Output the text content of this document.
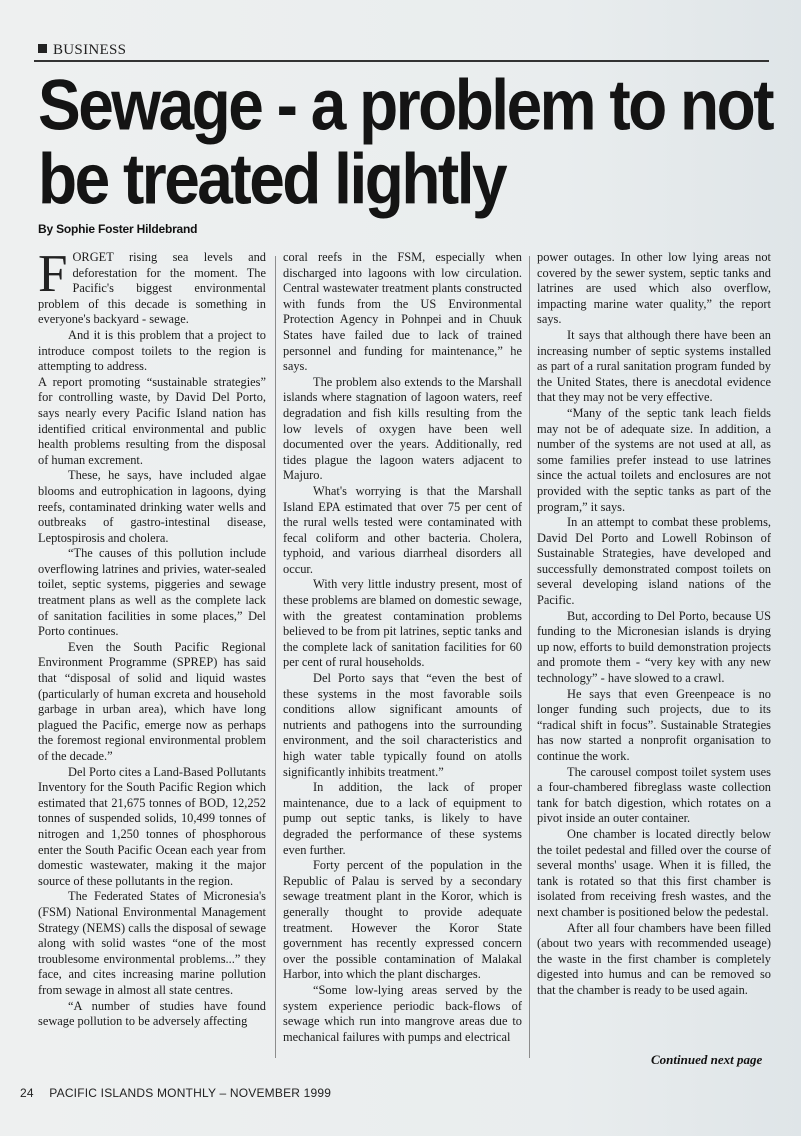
BUSINESS
Sewage - a problem to not be treated lightly
By Sophie Foster Hildebrand

FORGET rising sea levels and deforestation for the moment. The Pacific's biggest environmental problem of this decade is something in everyone's backyard - sewage.

And it is this problem that a project to introduce compost toilets to the region is attempting to address.

A report promoting “sustainable strategies” for controlling waste, by David Del Porto, says nearly every Pacific Island nation has identified critical environmental and public health problems resulting from the disposal of human excrement.

These, he says, have included algae blooms and eutrophication in lagoons, dying reefs, contaminated drinking water wells and outbreaks of gastro-intestinal disease, Leptospirosis and cholera.

“The causes of this pollution include overflowing latrines and privies, water-sealed toilet, septic systems, piggeries and sewage treatment plans as well as the complete lack of sanitation facilities in some places,” Del Porto continues.

Even the South Pacific Regional Environment Programme (SPREP) has said that “disposal of solid and liquid wastes (particularly of human excreta and household garbage in urban area), which have long plagued the Pacific, emerge now as perhaps the foremost regional environmental problem of the decade.”

Del Porto cites a Land-Based Pollutants Inventory for the South Pacific Region which estimated that 21,675 tonnes of BOD, 12,252 tonnes of suspended solids, 10,499 tonnes of nitrogen and 1,250 tonnes of phosphorous enter the South Pacific Ocean each year from domestic wastewater, making it the major source of these pollutants in the region.

The Federated States of Micronesia's (FSM) National Environmental Management Strategy (NEMS) calls the disposal of sewage along with solid wastes “one of the most troublesome environmental problems...” they face, and cites increasing marine pollution from sewage in almost all state centres.

“A number of studies have found sewage pollution to be adversely affecting

coral reefs in the FSM, especially when discharged into lagoons with low circulation. Central wastewater treatment plants constructed with funds from the US Environmental Protection Agency in Pohnpei and in Chuuk States have failed due to lack of trained personnel and funding for maintenance,” he says.

The problem also extends to the Marshall islands where stagnation of lagoon waters, reef degradation and fish kills resulting from the low levels of oxygen have been well documented over the years. Additionally, red tides plague the lagoon waters adjacent to Majuro.

What's worrying is that the Marshall Island EPA estimated that over 75 per cent of the rural wells tested were contaminated with fecal coliform and other bacteria. Cholera, typhoid, and various diarrheal disorders all occur.

With very little industry present, most of these problems are blamed on domestic sewage, with the greatest contamination problems believed to be from pit latrines, septic tanks and the complete lack of sanitation facilities for 60 per cent of rural households.

Del Porto says that “even the best of these systems in the most favorable soils conditions allow significant amounts of nutrients and pathogens into the surrounding environment, and the soil characteristics and high water table typically found on atolls significantly inhibits treatment.”

In addition, the lack of proper maintenance, due to a lack of equipment to pump out septic tanks, is likely to have degraded the performance of these systems even further.

Forty percent of the population in the Republic of Palau is served by a secondary sewage treatment plant in the Koror, which is generally thought to provide adequate treatment. However the Koror State government has recently expressed concern over the possible contamination of Malakal Harbor, into which the plant discharges.

“Some low-lying areas served by the system experience periodic back-flows of sewage which run into mangrove areas due to mechanical failures with pumps and electrical

power outages. In other low lying areas not covered by the sewer system, septic tanks and latrines are used which also overflow, impacting marine water quality,” the report says.

It says that although there have been an increasing number of septic systems installed as part of a rural sanitation program funded by the United States, there is anecdotal evidence that they may not be very effective.

“Many of the septic tank leach fields may not be of adequate size. In addition, a number of the systems are not used at all, as some families prefer instead to use latrines since the actual toilets and enclosures are not provided with the septic tanks as part of the program,” it says.

In an attempt to combat these problems, David Del Porto and Lowell Robinson of Sustainable Strategies, have developed and successfully demonstrated compost toilets on several developing island nations of the Pacific.

But, according to Del Porto, because US funding to the Micronesian islands is drying up now, efforts to build demonstration projects and promote them - “very key with any new technology” - have slowed to a crawl.

He says that even Greenpeace is no longer funding such projects, due to its “radical shift in focus”. Sustainable Strategies has now started a nonprofit organisation to continue the work.

The carousel compost toilet system uses a four-chambered fibreglass waste collection tank for batch digestion, which rotates on a pivot inside an outer container.

One chamber is located directly below the toilet pedestal and filled over the course of several months' usage. When it is filled, the tank is rotated so that this first chamber is isolated from receiving fresh wastes, and the next chamber is positioned below the pedestal.

After all four chambers have been filled (about two years with recommended useage) the waste in the first chamber is completely digested into humus and can be removed so that the chamber is ready to be used again.

Continued next page
24 PACIFIC ISLANDS MONTHLY – NOVEMBER 1999
